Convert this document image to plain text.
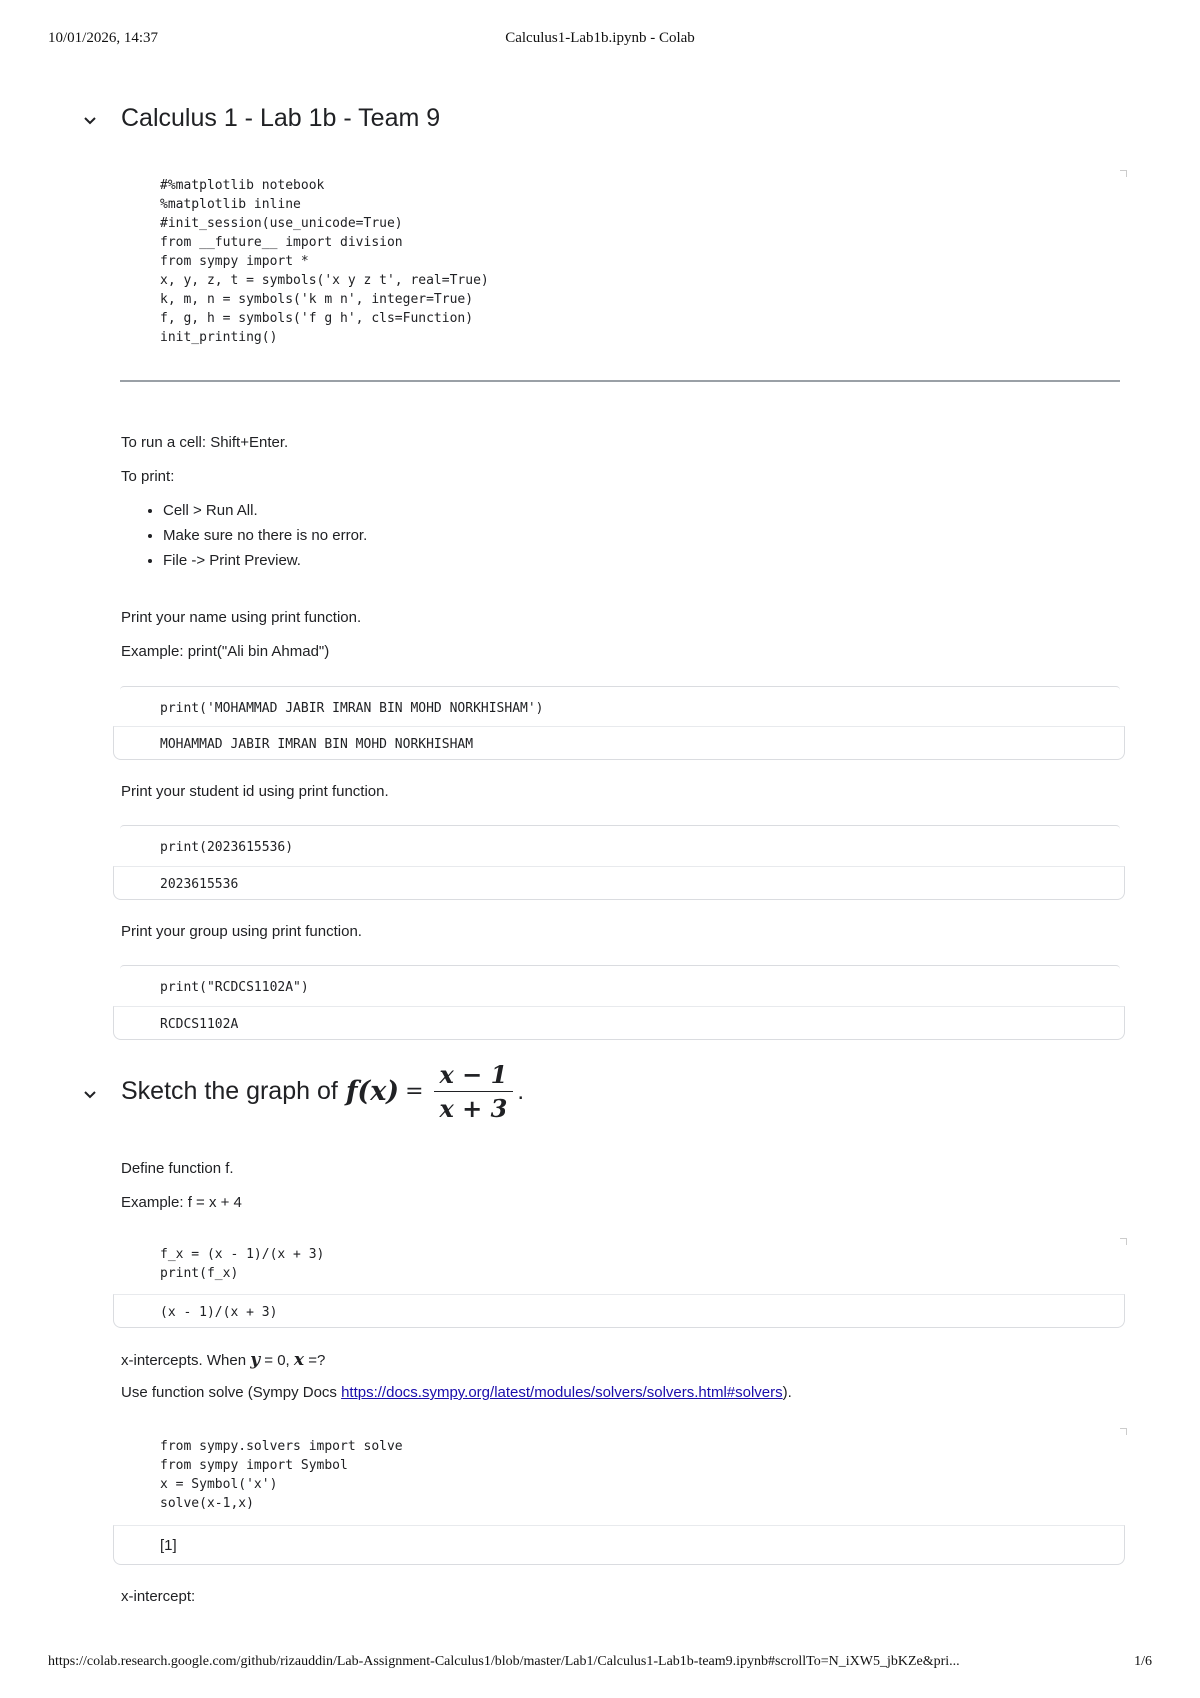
10/01/2026, 14:37	Calculus1-Lab1b.ipynb - Colab
Calculus 1 - Lab 1b - Team 9
#%matplotlib notebook
%matplotlib inline
#init_session(use_unicode=True)
from __future__ import division
from sympy import *
x, y, z, t = symbols('x y z t', real=True)
k, m, n = symbols('k m n', integer=True)
f, g, h = symbols('f g h', cls=Function)
init_printing()
To run a cell: Shift+Enter.
To print:
• Cell > Run All.
• Make sure no there is no error.
• File -> Print Preview.
Print your name using print function.
Example: print("Ali bin Ahmad")
print('MOHAMMAD JABIR IMRAN BIN MOHD NORKHISHAM')
MOHAMMAD JABIR IMRAN BIN MOHD NORKHISHAM
Print your student id using print function.
print(2023615536)
2023615536
Print your group using print function.
print("RCDCS1102A")
RCDCS1102A
Sketch the graph of $f(x) = \frac{x - 1}{x + 3}$ .
Define function f.
Example: f = x + 4
f_x = (x - 1)/(x + 3)
print(f_x)
(x - 1)/(x + 3)
x-intercepts. When y = 0, x =?
Use function solve (Sympy Docs https://docs.sympy.org/latest/modules/solvers/solvers.html#solvers).
from sympy.solvers import solve
from sympy import Symbol
x = Symbol('x')
solve(x-1,x)
[1]
x-intercept:
https://colab.research.google.com/github/rizauddin/Lab-Assignment-Calculus1/blob/master/Lab1/Calculus1-Lab1b-team9.ipynb#scrollTo=N_iXW5_jbKZe&pri...	1/6
